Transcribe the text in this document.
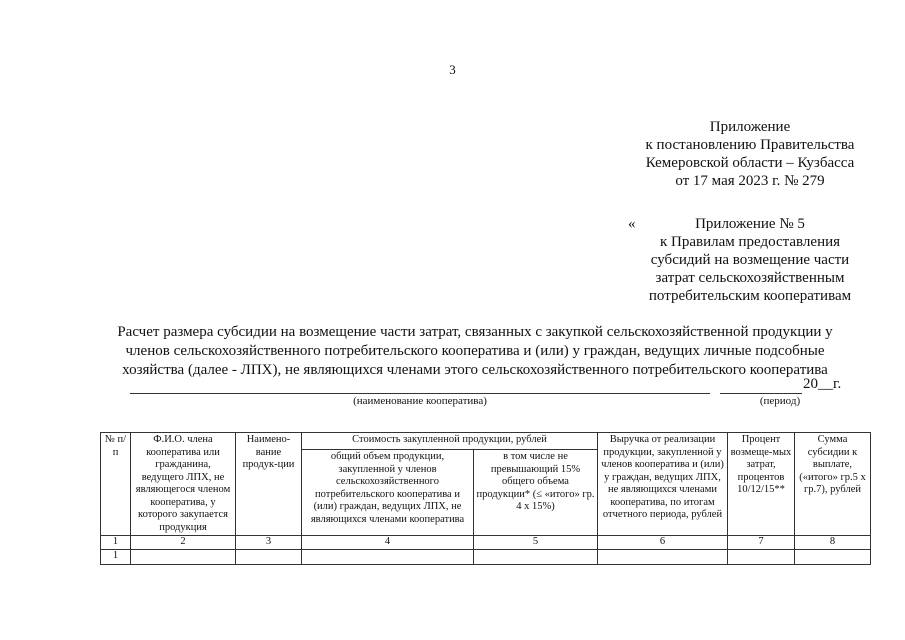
3
Приложение
к постановлению Правительства
Кемеровской области – Кузбасса
от 17 мая 2023 г. № 279
«	Приложение № 5
к Правилам предоставления
субсидий на возмещение части
затрат сельскохозяйственным
потребительским кооперативам
Расчет размера субсидии на возмещение части затрат, связанных с закупкой сельскохозяйственной продукции у
членов сельскохозяйственного потребительского кооператива и (или) у граждан, ведущих личные подсобные
хозяйства (далее - ЛПХ), не являющихся членами этого сельскохозяйственного потребительского кооператива
20__г.
(наименование кооператива)	(период)
№ п/п	Ф.И.О. члена кооператива или гражданина, ведущего ЛПХ, не являющегося членом кооператива, у которого закупается продукция	Наимено-вание продук-ции	Стоимость закупленной продукции, рублей		Выручка от реализации продукции, закупленной у членов кооператива и (или) у граждан, ведущих ЛПХ, не являющихся членами кооператива, по итогам отчетного периода, рублей	Процент возмеще-мых затрат, процентов 10/12/15**	Сумма субсидии к выплате, («итого» гр.5 х гр.7), рублей
			общий объем продукции, закупленной у членов сельскохозяйственного потребительского кооператива и (или) граждан, ведущих ЛПХ, не являющихся членами кооператива	в том числе не превышающий 15% общего объема продукции* (≤ «итого» гр. 4 х 15%)			
1	2	3	4	5	6	7	8
1							
